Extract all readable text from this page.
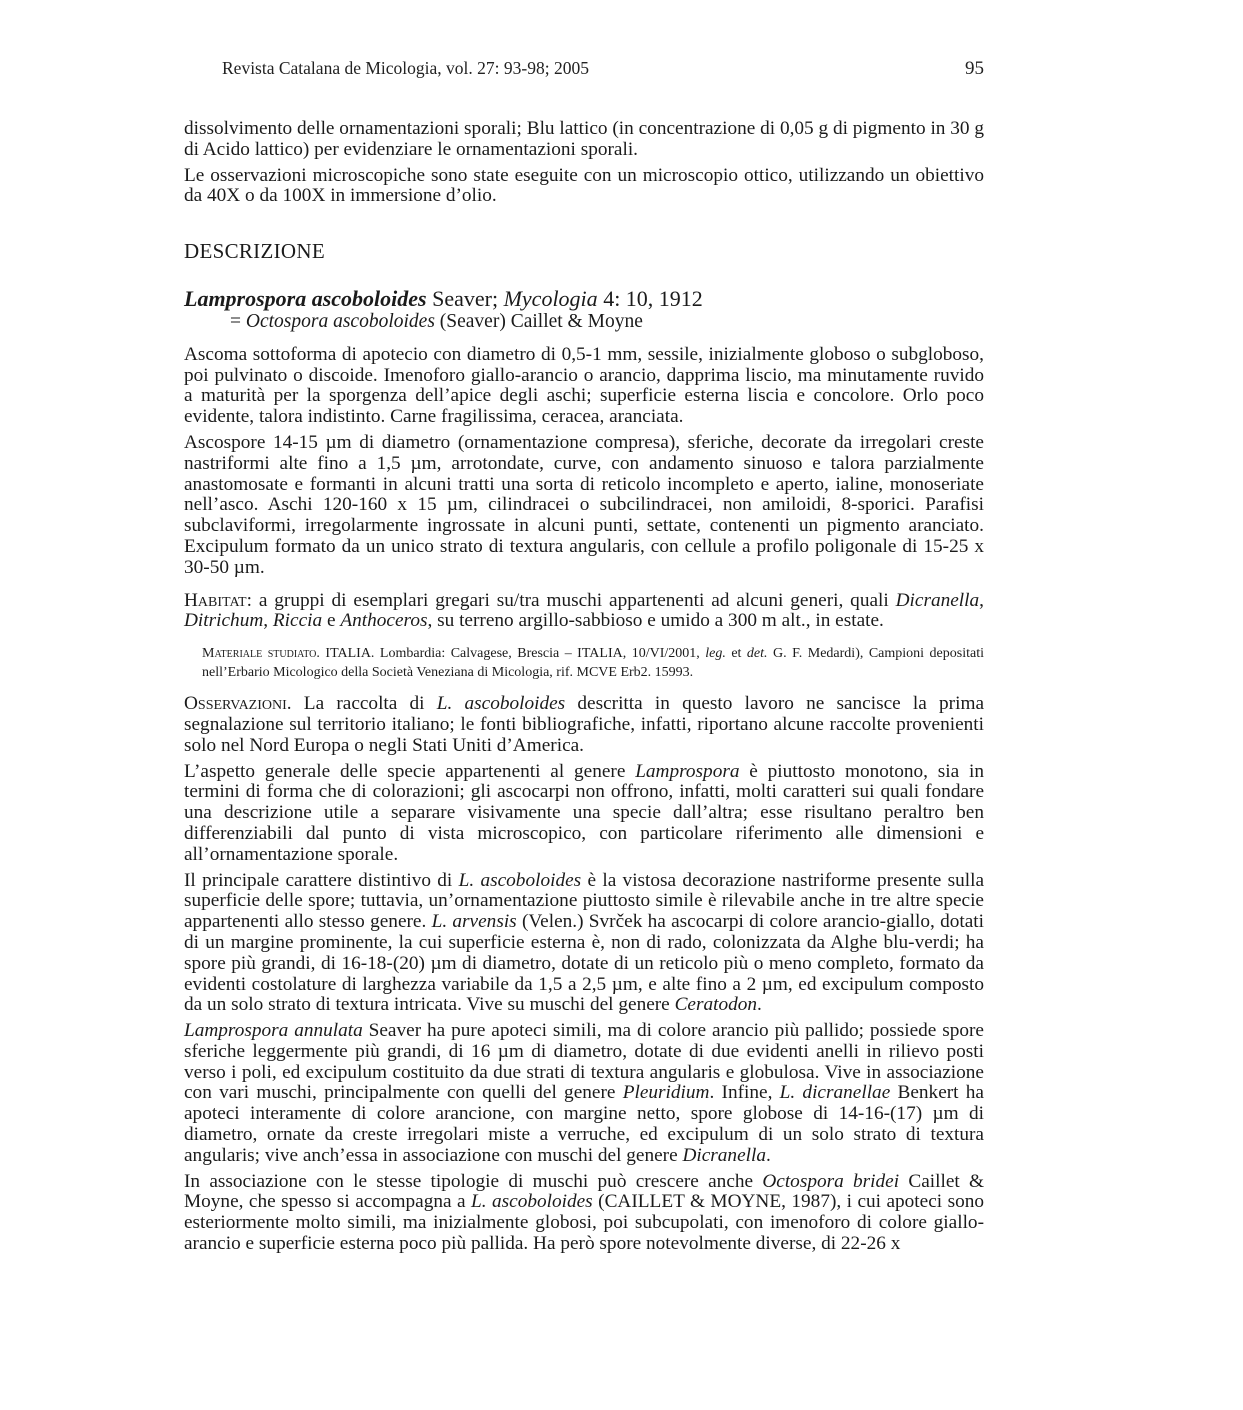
Revista Catalana de Micologia, vol. 27: 93-98; 2005	95

dissolvimento delle ornamentazioni sporali; Blu lattico (in concentrazione di 0,05 g di pigmento in 30 g di Acido lattico) per evidenziare le ornamentazioni sporali.

Le osservazioni microscopiche sono state eseguite con un microscopio ottico, utilizzando un obiettivo da 40X o da 100X in immersione d’olio.

DESCRIZIONE

Lamprospora ascoboloides Seaver; Mycologia 4: 10, 1912

= Octospora ascoboloides (Seaver) Caillet & Moyne

Ascoma sottoforma di apotecio con diametro di 0,5-1 mm, sessile, inizialmente globoso o subgloboso, poi pulvinato o discoide. Imenoforo giallo-arancio o arancio, dapprima liscio, ma minutamente ruvido a maturità per la sporgenza dell’apice degli aschi; superficie esterna liscia e concolore. Orlo poco evidente, talora indistinto. Carne fragilissima, ceracea, aranciata.

Ascospore 14-15 µm di diametro (ornamentazione compresa), sferiche, decorate da irregolari creste nastriformi alte fino a 1,5 µm, arrotondate, curve, con andamento sinuoso e talora parzialmente anastomosate e formanti in alcuni tratti una sorta di reticolo incompleto e aperto, ialine, monoseriate nell’asco. Aschi 120-160 x 15 µm, cilindracei o subcilindracei, non amiloidi, 8-sporici. Parafisi subclaviformi, irregolarmente ingrossate in alcuni punti, settate, contenenti un pigmento aranciato. Excipulum formato da un unico strato di textura angularis, con cellule a profilo poligonale di 15-25 x 30-50 µm.

Habitat: a gruppi di esemplari gregari su/tra muschi appartenenti ad alcuni generi, quali Dicranella, Ditrichum, Riccia e Anthoceros, su terreno argillo-sabbioso e umido a 300 m alt., in estate.

Materiale studiato. ITALIA. Lombardia: Calvagese, Brescia – ITALIA, 10/VI/2001, leg. et det. G. F. Medardi), Campioni depositati nell’Erbario Micologico della Società Veneziana di Micologia, rif. MCVE Erb2. 15993.

Osservazioni. La raccolta di L. ascoboloides descritta in questo lavoro ne sancisce la prima segnalazione sul territorio italiano; le fonti bibliografiche, infatti, riportano alcune raccolte provenienti solo nel Nord Europa o negli Stati Uniti d’America.

L’aspetto generale delle specie appartenenti al genere Lamprospora è piuttosto monotono, sia in termini di forma che di colorazioni; gli ascocarpi non offrono, infatti, molti caratteri sui quali fondare una descrizione utile a separare visivamente una specie dall’altra; esse risultano peraltro ben differenziabili dal punto di vista microscopico, con particolare riferimento alle dimensioni e all’ornamentazione sporale.

Il principale carattere distintivo di L. ascoboloides è la vistosa decorazione nastriforme presente sulla superficie delle spore; tuttavia, un’ornamentazione piuttosto simile è rilevabile anche in tre altre specie appartenenti allo stesso genere. L. arvensis (Velen.) Svrček ha ascocarpi di colore arancio-giallo, dotati di un margine prominente, la cui superficie esterna è, non di rado, colonizzata da Alghe blu-verdi; ha spore più grandi, di 16-18-(20) µm di diametro, dotate di un reticolo più o meno completo, formato da evidenti costolature di larghezza variabile da 1,5 a 2,5 µm, e alte fino a 2 µm, ed excipulum composto da un solo strato di textura intricata. Vive su muschi del genere Ceratodon.

Lamprospora annulata Seaver ha pure apoteci simili, ma di colore arancio più pallido; possiede spore sferiche leggermente più grandi, di 16 µm di diametro, dotate di due evidenti anelli in rilievo posti verso i poli, ed excipulum costituito da due strati di textura angularis e globulosa. Vive in associazione con vari muschi, principalmente con quelli del genere Pleuridium. Infine, L. dicranellae Benkert ha apoteci interamente di colore arancione, con margine netto, spore globose di 14-16-(17) µm di diametro, ornate da creste irregolari miste a verruche, ed excipulum di un solo strato di textura angularis; vive anch’essa in associazione con muschi del genere Dicranella.

In associazione con le stesse tipologie di muschi può crescere anche Octospora bridei Caillet & Moyne, che spesso si accompagna a L. ascoboloides (CAILLET & MOYNE, 1987), i cui apoteci sono esteriormente molto simili, ma inizialmente globosi, poi subcupolati, con imenoforo di colore giallo-arancio e superficie esterna poco più pallida. Ha però spore notevolmente diverse, di 22-26 x
